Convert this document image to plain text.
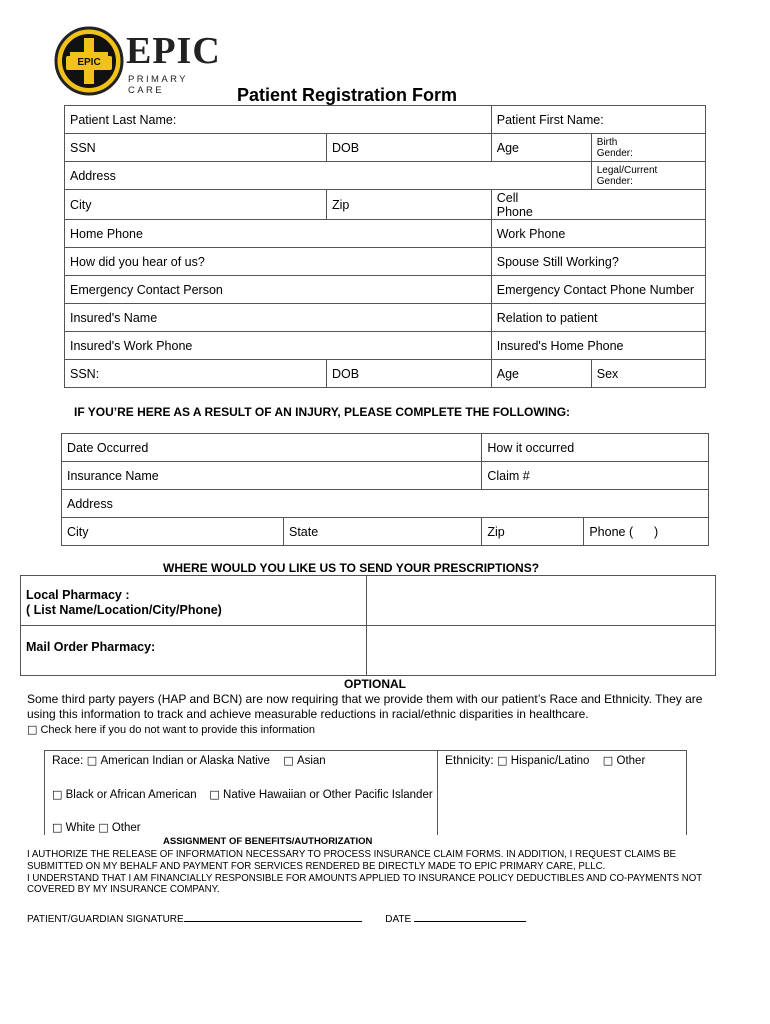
EPIC EPIC
PRIMARY CARE	Patient Registration Form
Patient Last Name:		Patient First Name:	
SSN	DOB	Age	Birth
Gender:

Address			Legal/Current
Gender:

City	Zip	Cell
Phone	

Home Phone		Work Phone	
How did you hear of us?		Spouse Still Working?	
Emergency Contact Person		Emergency Contact Phone Number	
Insured's Name		Relation to patient	
Insured's Work Phone		Insured's Home Phone	
SSN:	DOB	Age	Sex
IF YOU’RE HERE AS A RESULT OF AN INJURY, PLEASE COMPLETE THE FOLLOWING:
Date Occurred		How it occurred	
Insurance Name		Claim #	
Address			
City	State	Zip	Phone (      )
WHERE WOULD YOU LIKE US TO SEND YOUR PRESCRIPTIONS?
Local Pharmacy :
( List Name/Location/City/Phone)	

Mail Order Pharmacy:	
OPTIONAL
Some third party payers (HAP and BCN) are now requiring that we provide them with our patient’s Race and Ethnicity. They are
using this information to track and achieve measurable reductions in racial/ethnic disparities in healthcare.
□ Check here if you do not want to provide this information
Race: □ American Indian or Alaska Native □ Asian
□ Black or African American □ Native Hawaiian or Other Pacific Islander
□ White □ Other
Ethnicity: □ Hispanic/Latino □ Other
ASSIGNMENT OF BENEFITS/AUTHORIZATION
I AUTHORIZE THE RELEASE OF INFORMATION NECESSARY TO PROCESS INSURANCE CLAIM FORMS. IN ADDITION, I REQUEST CLAIMS BE
SUBMITTED ON MY BEHALF AND PAYMENT FOR SERVICES RENDERED BE DIRECTLY MADE TO EPIC PRIMARY CARE, PLLC.
I UNDERSTAND THAT I AM FINANCIALLY RESPONSIBLE FOR AMOUNTS APPLIED TO INSURANCE POLICY DEDUCTIBLES AND CO-PAYMENTS NOT
COVERED BY MY INSURANCE COMPANY.
PATIENT/GUARDIAN SIGNATURE	DATE
